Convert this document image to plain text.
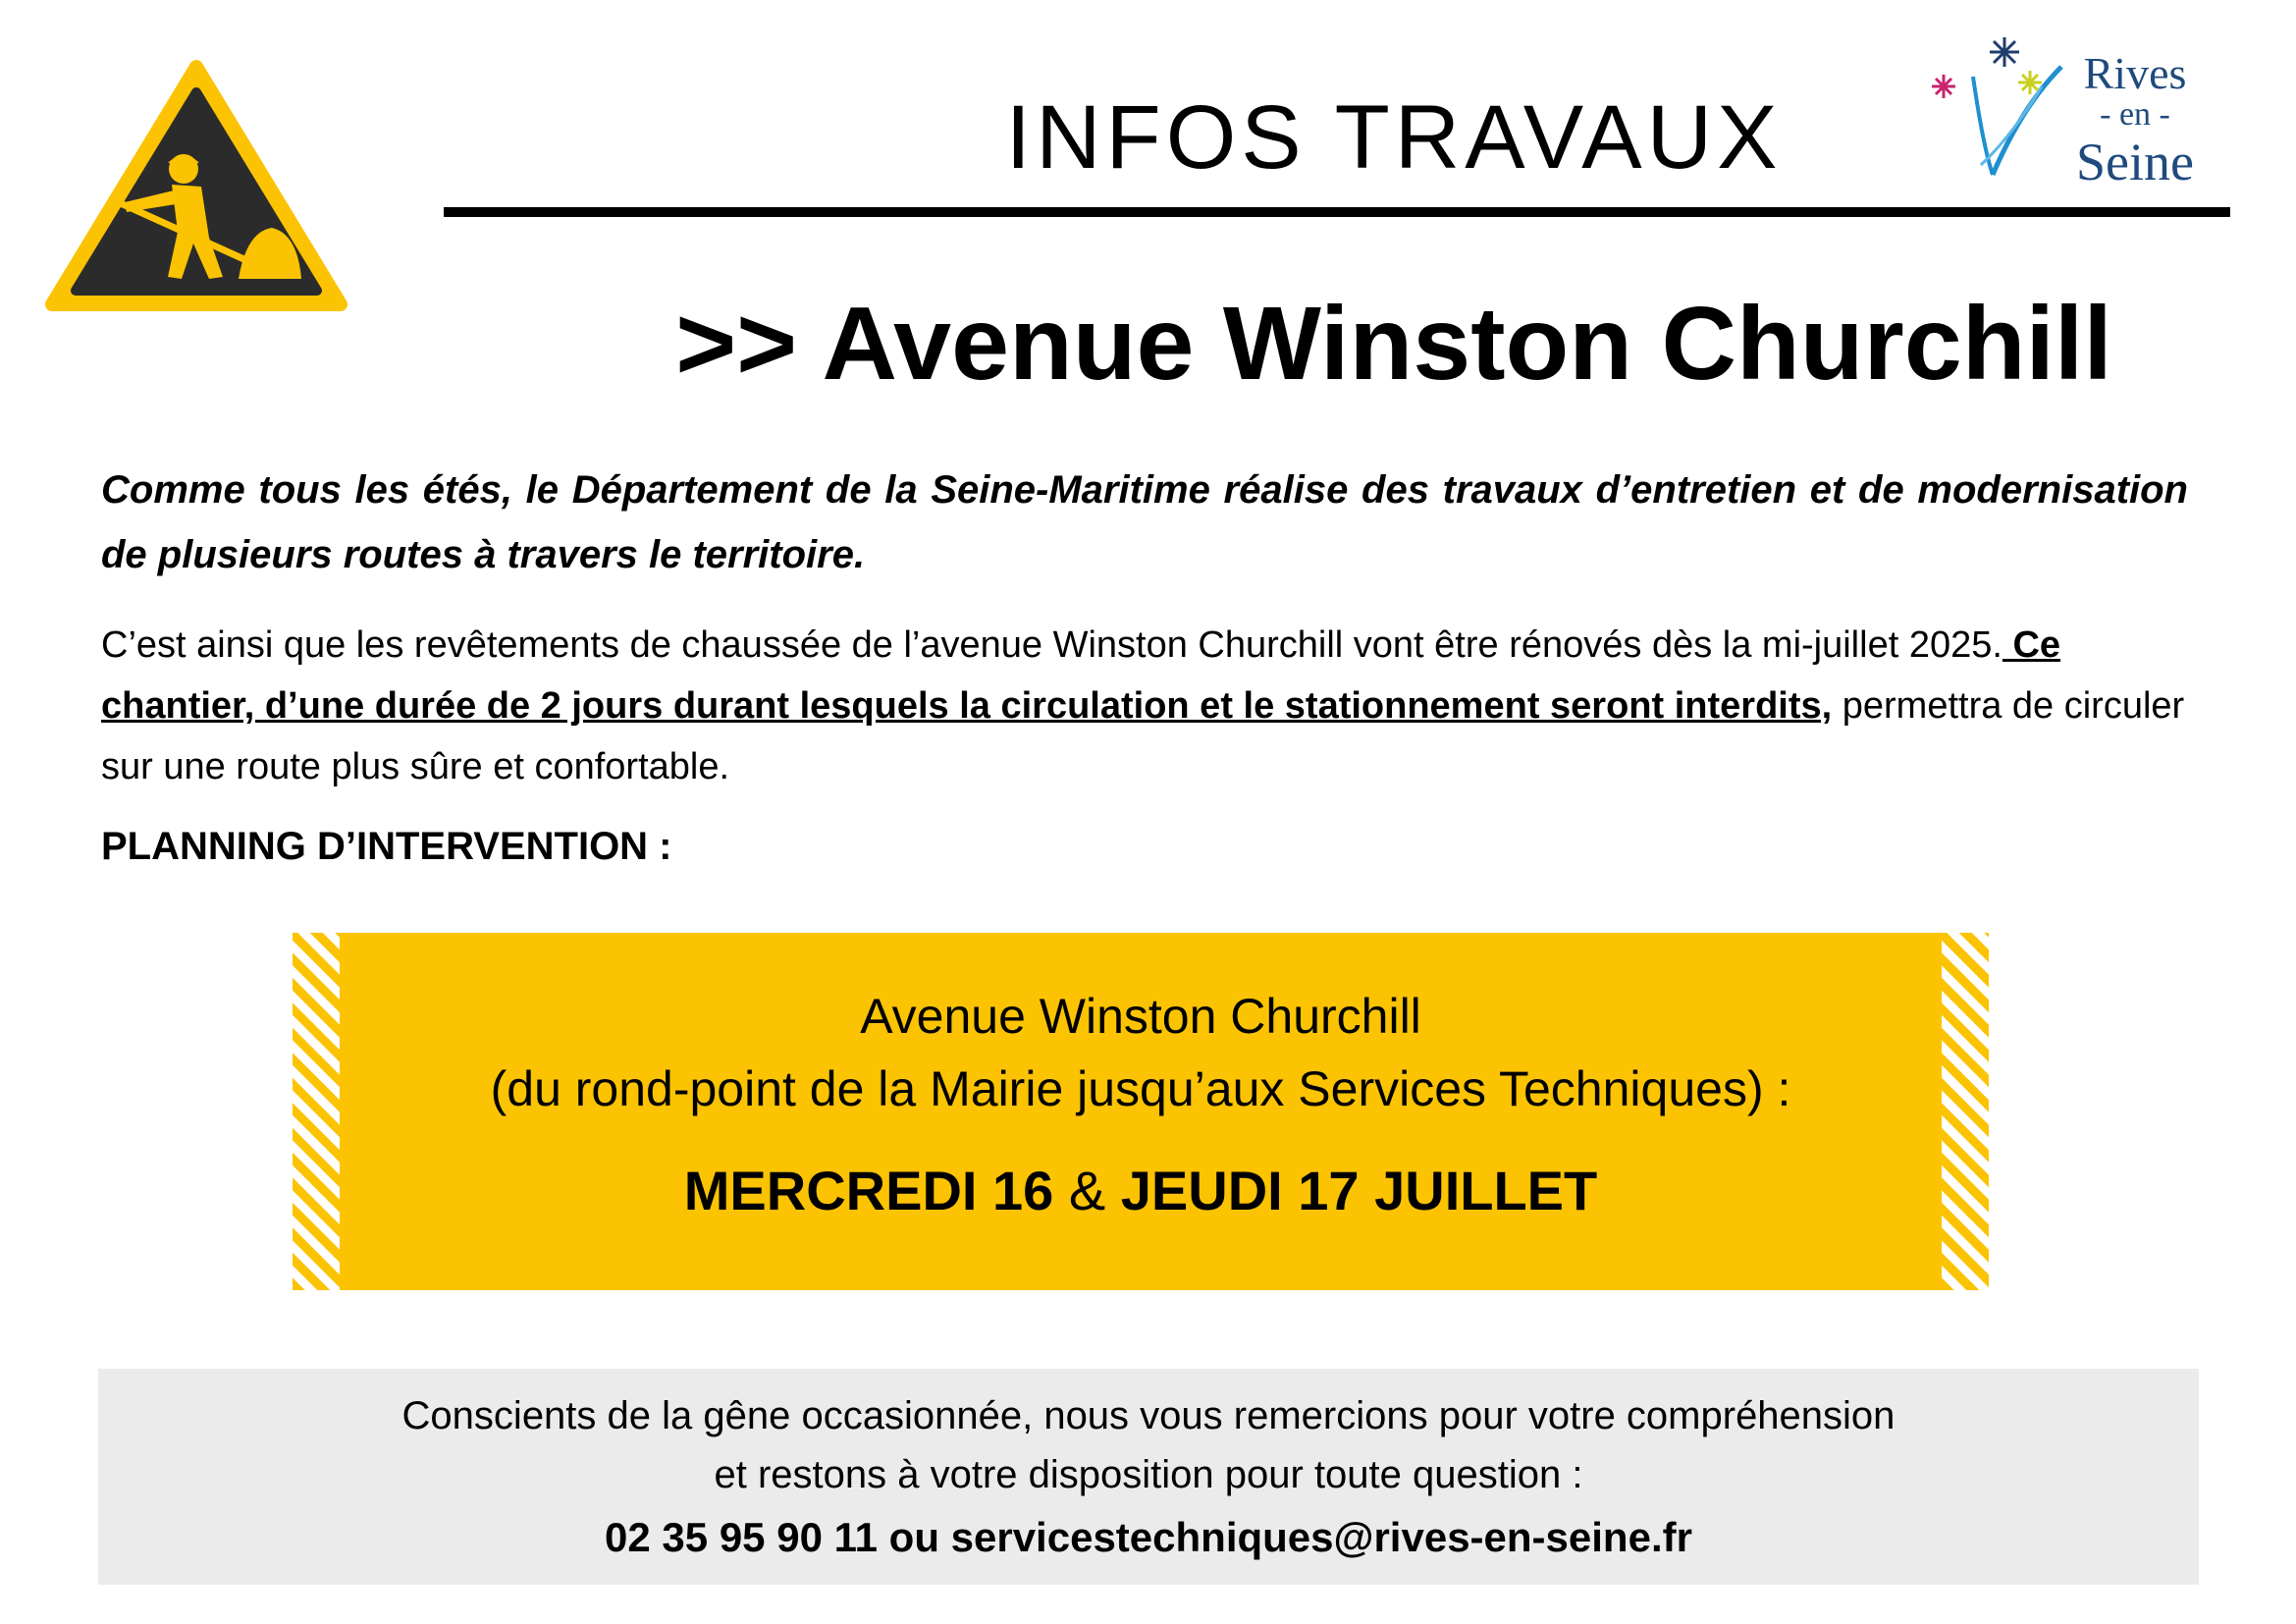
INFOS TRAVAUX
Rives
- en -
Seine
>> Avenue Winston Churchill
Comme tous les étés, le Département de la Seine-Maritime réalise des travaux d’entretien et de modernisation de plusieurs routes à travers le territoire.
C’est ainsi que les revêtements de chaussée de l’avenue Winston Churchill vont être rénovés dès la mi-juillet 2025. Ce chantier, d’une durée de 2 jours durant lesquels la circulation et le stationnement seront interdits, permettra de circuler sur une route plus sûre et confortable.
PLANNING D’INTERVENTION :
Avenue Winston Churchill
(du rond-point de la Mairie jusqu’aux Services Techniques) :
MERCREDI 16 & JEUDI 17 JUILLET
Conscients de la gêne occasionnée, nous vous remercions pour votre compréhension
et restons à votre disposition pour toute question :
02 35 95 90 11 ou servicestechniques@rives-en-seine.fr
